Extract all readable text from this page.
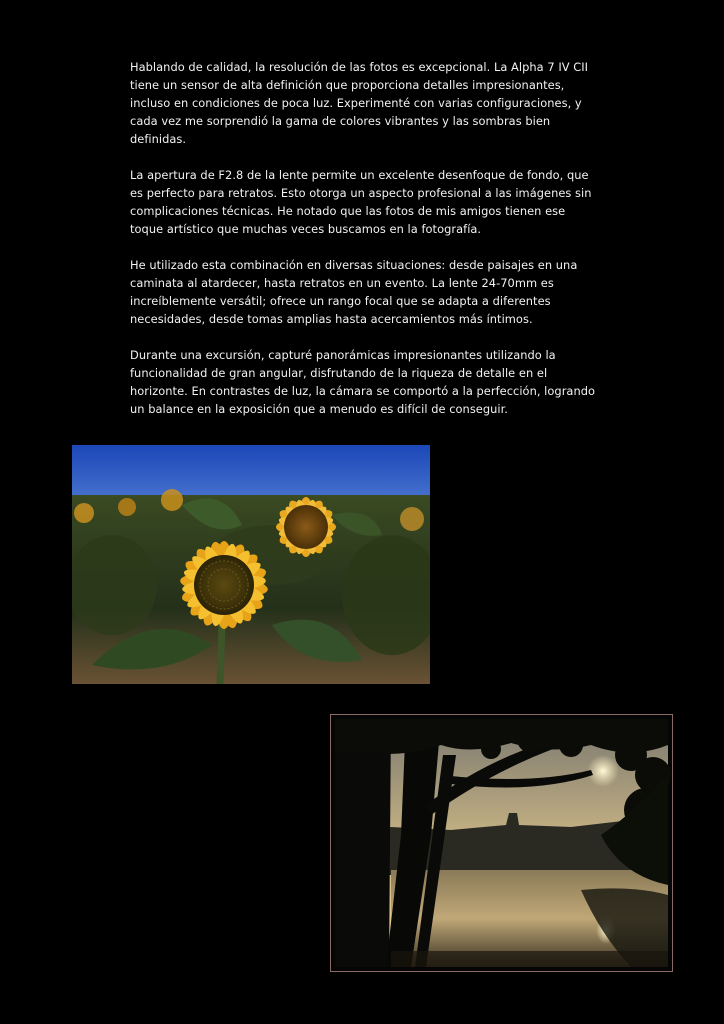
Hablando de calidad, la resolución de las fotos es excepcional. La Alpha 7 IV CII tiene un sensor de alta definición que proporciona detalles impresionantes, incluso en condiciones de poca luz. Experimenté con varias configuraciones, y cada vez me sorprendió la gama de colores vibrantes y las sombras bien definidas.

La apertura de F2.8 de la lente permite un excelente desenfoque de fondo, que es perfecto para retratos. Esto otorga un aspecto profesional a las imágenes sin complicaciones técnicas. He notado que las fotos de mis amigos tienen ese toque artístico que muchas veces buscamos en la fotografía.

He utilizado esta combinación en diversas situaciones: desde paisajes en una caminata al atardecer, hasta retratos en un evento. La lente 24-70mm es increíblemente versátil; ofrece un rango focal que se adapta a diferentes necesidades, desde tomas amplias hasta acercamientos más íntimos.

Durante una excursión, capturé panorámicas impresionantes utilizando la funcionalidad de gran angular, disfrutando de la riqueza de detalle en el horizonte. En contrastes de luz, la cámara se comportó a la perfección, logrando un balance en la exposición que a menudo es difícil de conseguir.
